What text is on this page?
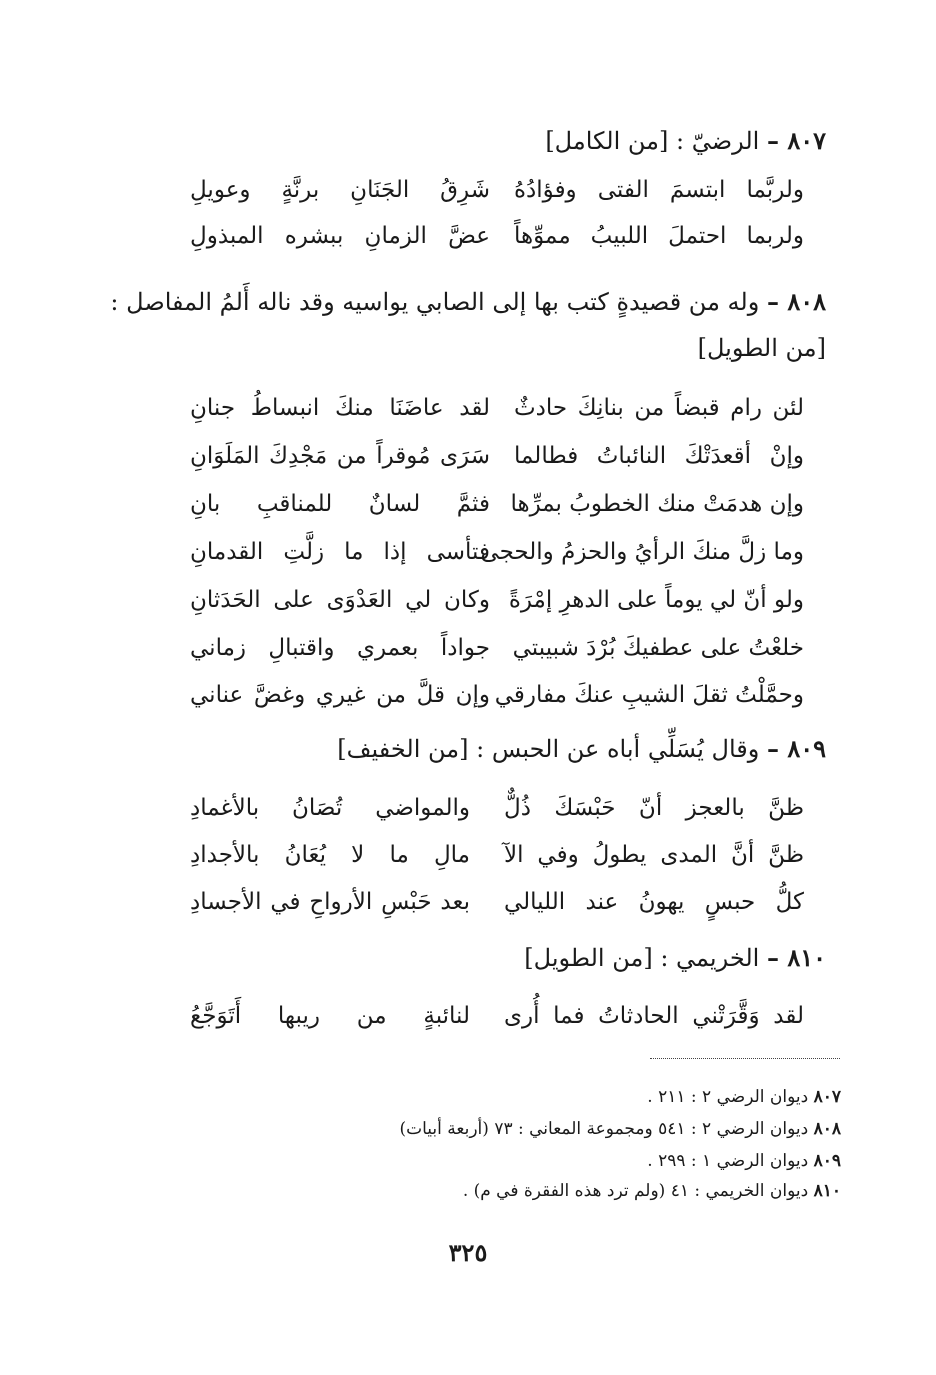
٨٠٧ – الرضيّ : [من الكامل]
ولربَّما ابتسمَ الفتى وفؤادُهُ
شَرِقُ الجَنَانِ برنَّةٍ وعويلِ
ولربما احتملَ اللبيبُ مموِّهاً
عضَّ الزمانِ ببشره المبذولِ
٨٠٨ – وله من قصيدةٍ كتب بها إلى الصابي يواسيه وقد ناله أَلمُ المفاصل :
[من الطويل]
لئن رام قبضاً من بنانِكَ حادثٌ
لقد عاضَنَا منكَ انبساطُ جنانِ
وإنْ أقعدَتْكَ النائباتُ فطالما
سَرَى مُوقراً من مَجْدِكَ المَلَوَانِ
وإن هدمَتْ منك الخطوبُ بمرِّها
فثمَّ لسانٌ للمناقبِ بانِ
وما زلَّ منكَ الرأيُ والحزمُ والحجى
فتأسى إذا ما زلَّتِ القدمانِ
ولو أنّ لي يوماً على الدهرِ إمْرَةً
وكان لي العَدْوَى على الحَدَثانِ
خلعْتُ على عطفيكَ بُرْدَ شبيبتي
جواداً بعمري واقتبالِ زماني
وحمَّلْتُ ثقلَ الشيبِ عنكَ مفارقي
وإن قلَّ من غيري وغضَّ عناني
٨٠٩ – وقال يُسَلِّي أباه عن الحبس : [من الخفيف]
ظنَّ بالعجز أنّ حَبْسَكَ ذُلٌّ
والمواضي تُصَانُ بالأغمادِ
ظنَّ أنَّ المدى يطولُ وفي الآ
مالِ ما لا يُعَانُ بالأجدادِ
كلُّ حبسٍ يهونُ عند الليالي
بعد حَبْسِ الأرواحِ في الأجسادِ
٨١٠ – الخريمي : [من الطويل]
لقد وَقَّرَتْني الحادثاتُ فما أُرى
لنائبةٍ من ريبها أَتَوَجَّعُ
٨٠٧ ديوان الرضي ٢ : ٢١١ .
٨٠٨ ديوان الرضي ٢ : ٥٤١ ومجموعة المعاني : ٧٣ (أربعة أبيات)
٨٠٩ ديوان الرضي ١ : ٢٩٩ .
٨١٠ ديوان الخريمي : ٤١ (ولم ترد هذه الفقرة في م) .
٣٢٥
